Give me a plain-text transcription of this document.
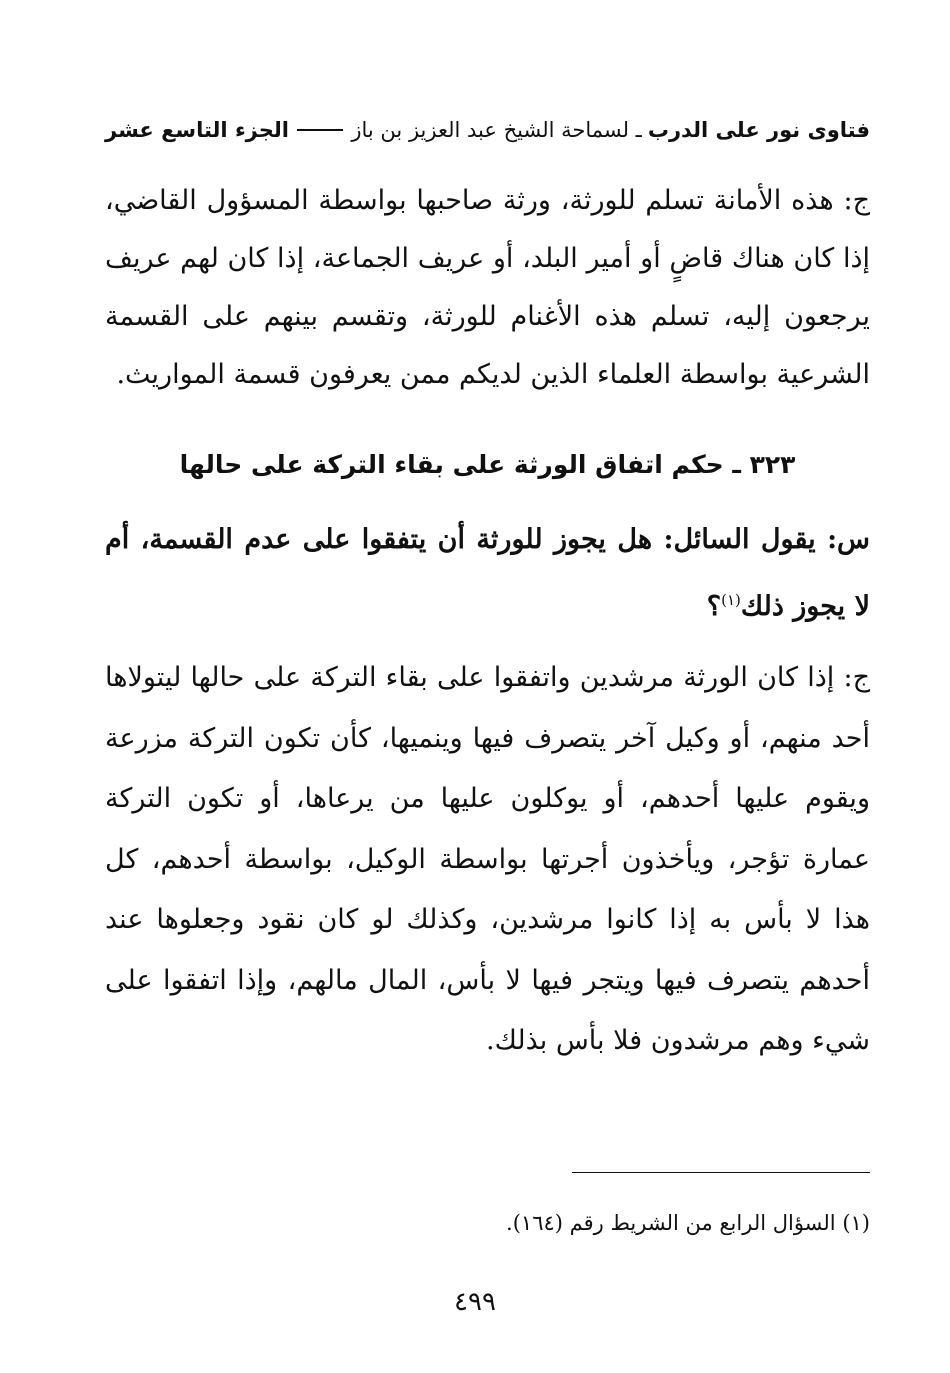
فتاوى نور على الدرب
ـ لسماحة الشيخ عبد العزيز بن باز
الجزء التاسع عشر
ج: هذه الأمانة تسلم للورثة، ورثة صاحبها بواسطة المسؤول القاضي، إذا كان هناك قاضٍ أو أمير البلد، أو عريف الجماعة، إذا كان لهم عريف يرجعون إليه، تسلم هذه الأغنام للورثة، وتقسم بينهم على القسمة الشرعية بواسطة العلماء الذين لديكم ممن يعرفون قسمة المواريث.
٣٢٣ ـ حكم اتفاق الورثة على بقاء التركة على حالها
س: يقول السائل: هل يجوز للورثة أن يتفقوا على عدم القسمة، أم لا يجوز ذلك$^{(١)}$؟
ج: إذا كان الورثة مرشدين واتفقوا على بقاء التركة على حالها ليتولاها أحد منهم، أو وكيل آخر يتصرف فيها وينميها، كأن تكون التركة مزرعة ويقوم عليها أحدهم، أو يوكلون عليها من يرعاها، أو تكون التركة عمارة تؤجر، ويأخذون أجرتها بواسطة الوكيل، بواسطة أحدهم، كل هذا لا بأس به إذا كانوا مرشدين، وكذلك لو كان نقود وجعلوها عند أحدهم يتصرف فيها ويتجر فيها لا بأس، المال مالهم، وإذا اتفقوا على شيء وهم مرشدون فلا بأس بذلك.
(١) السؤال الرابع من الشريط رقم (١٦٤).
٤٩٩
